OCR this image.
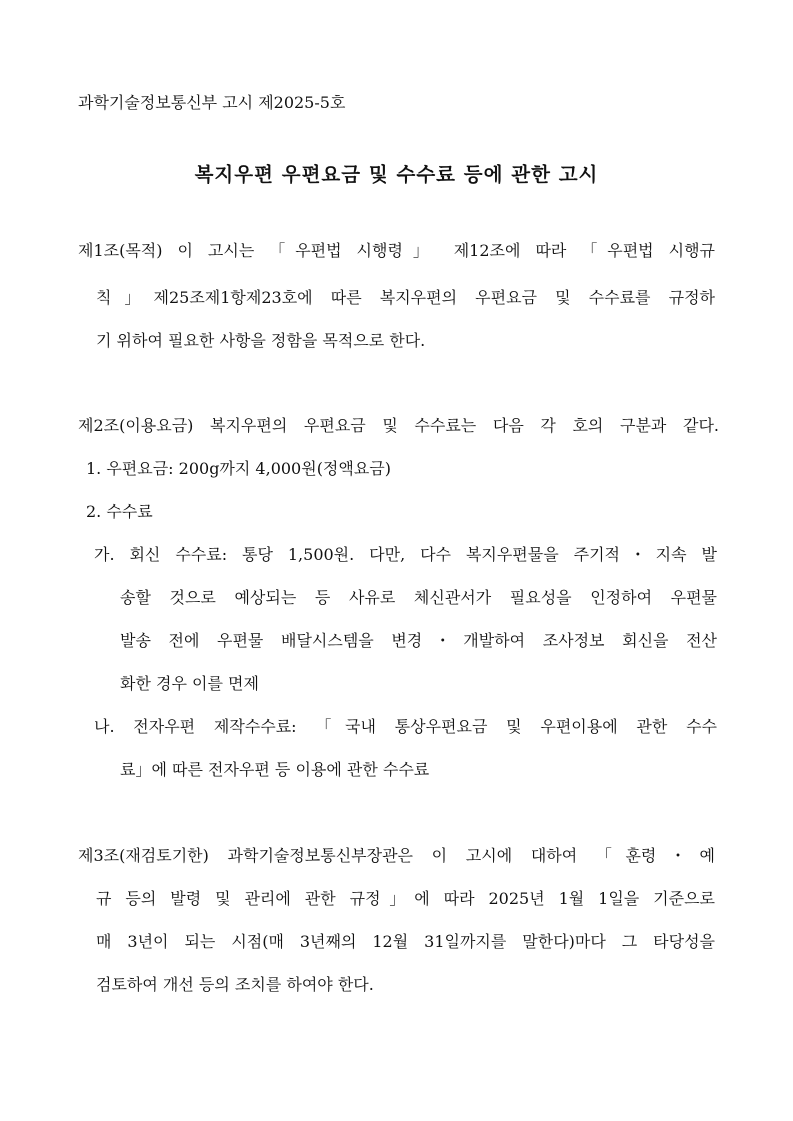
과학기술정보통신부 고시 제2025-5호
복지우편 우편요금 및 수수료 등에 관한 고시
제1조(목적) 이 고시는 「우편법 시행령」 제12조에 따라 「우편법 시행규
칙」제25조제1항제23호에 따른 복지우편의 우편요금 및 수수료를 규정하
기 위하여 필요한 사항을 정함을 목적으로 한다.
제2조(이용요금) 복지우편의 우편요금 및 수수료는 다음 각 호의 구분과 같다.
1. 우편요금: 200g까지 4,000원(정액요금)
2. 수수료
가. 회신 수수료: 통당 1,500원. 다만, 다수 복지우편물을 주기적・지속 발
송할 것으로 예상되는 등 사유로 체신관서가 필요성을 인정하여 우편물
발송 전에 우편물 배달시스템을 변경・개발하여 조사정보 회신을 전산
화한 경우 이를 면제
나. 전자우편 제작수수료: 「국내 통상우편요금 및 우편이용에 관한 수수
료」에 따른 전자우편 등 이용에 관한 수수료
제3조(재검토기한) 과학기술정보통신부장관은 이 고시에 대하여 「훈령・예
규 등의 발령 및 관리에 관한 규정」에 따라 2025년 1월 1일을 기준으로
매 3년이 되는 시점(매 3년째의 12월 31일까지를 말한다)마다 그 타당성을
검토하여 개선 등의 조치를 하여야 한다.
